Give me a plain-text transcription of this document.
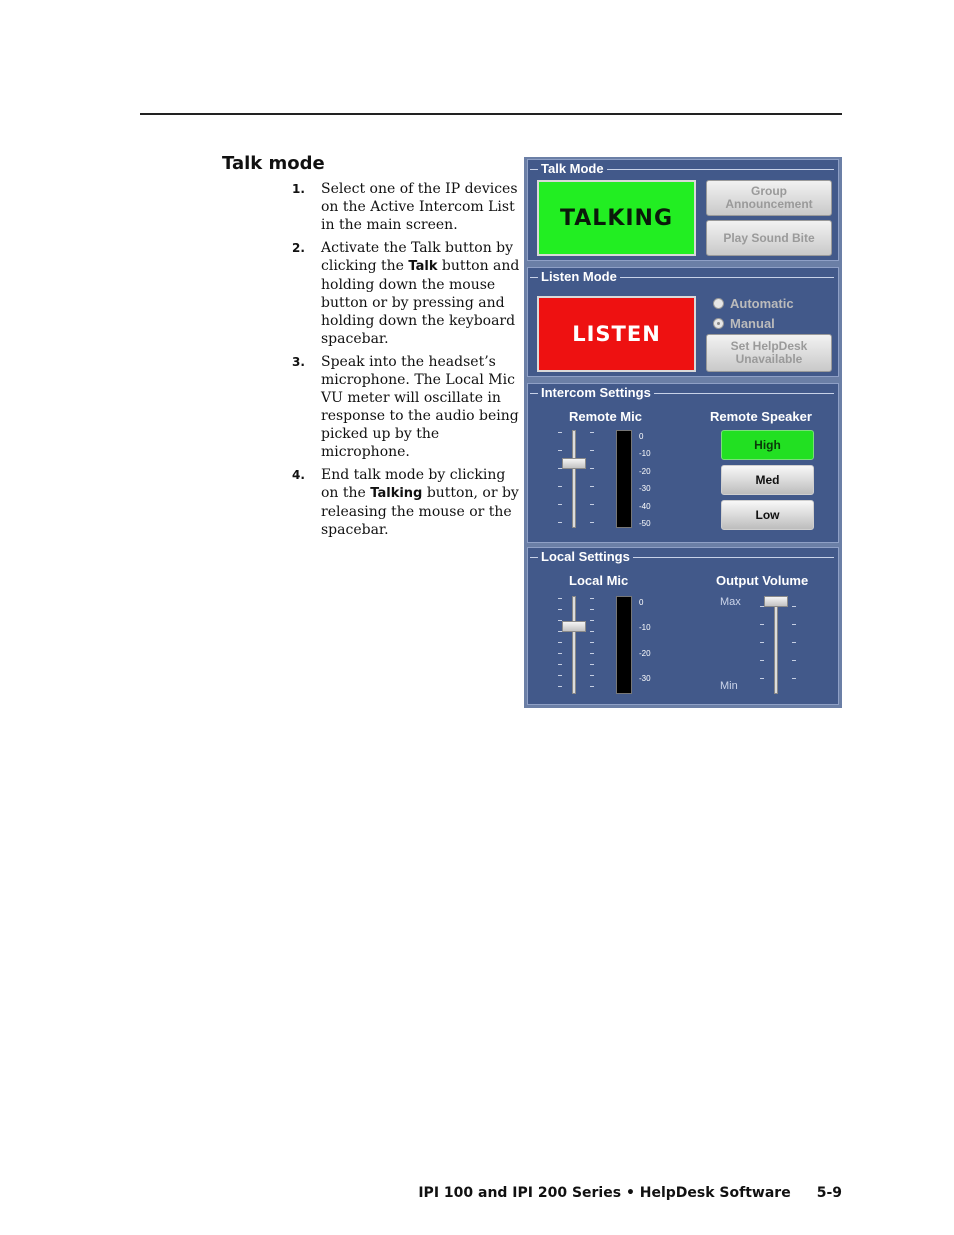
Talk mode
1. Select one of the IP devices on the Active Intercom List in the main screen.
2. Activate the Talk button by clicking the Talk button and holding down the mouse button or by pressing and holding down the keyboard spacebar.
3. Speak into the headset’s microphone. The Local Mic VU meter will oscillate in response to the audio being picked up by the microphone.
4. End talk mode by clicking on the Talking button, or by releasing the mouse or the spacebar.
Talk Mode
TALKING
Group Announcement
Play Sound Bite
Listen Mode
LISTEN
Automatic
Manual
Set HelpDesk Unavailable
Intercom Settings
Remote Mic	Remote Speaker
0
-10
-20
-30
-40
-50
High
Med
Low
Local Settings
Local Mic	Output Volume
0
-10
-20
-30
Max
Min
IPI 100 and IPI 200 Series • HelpDesk Software 5-9
